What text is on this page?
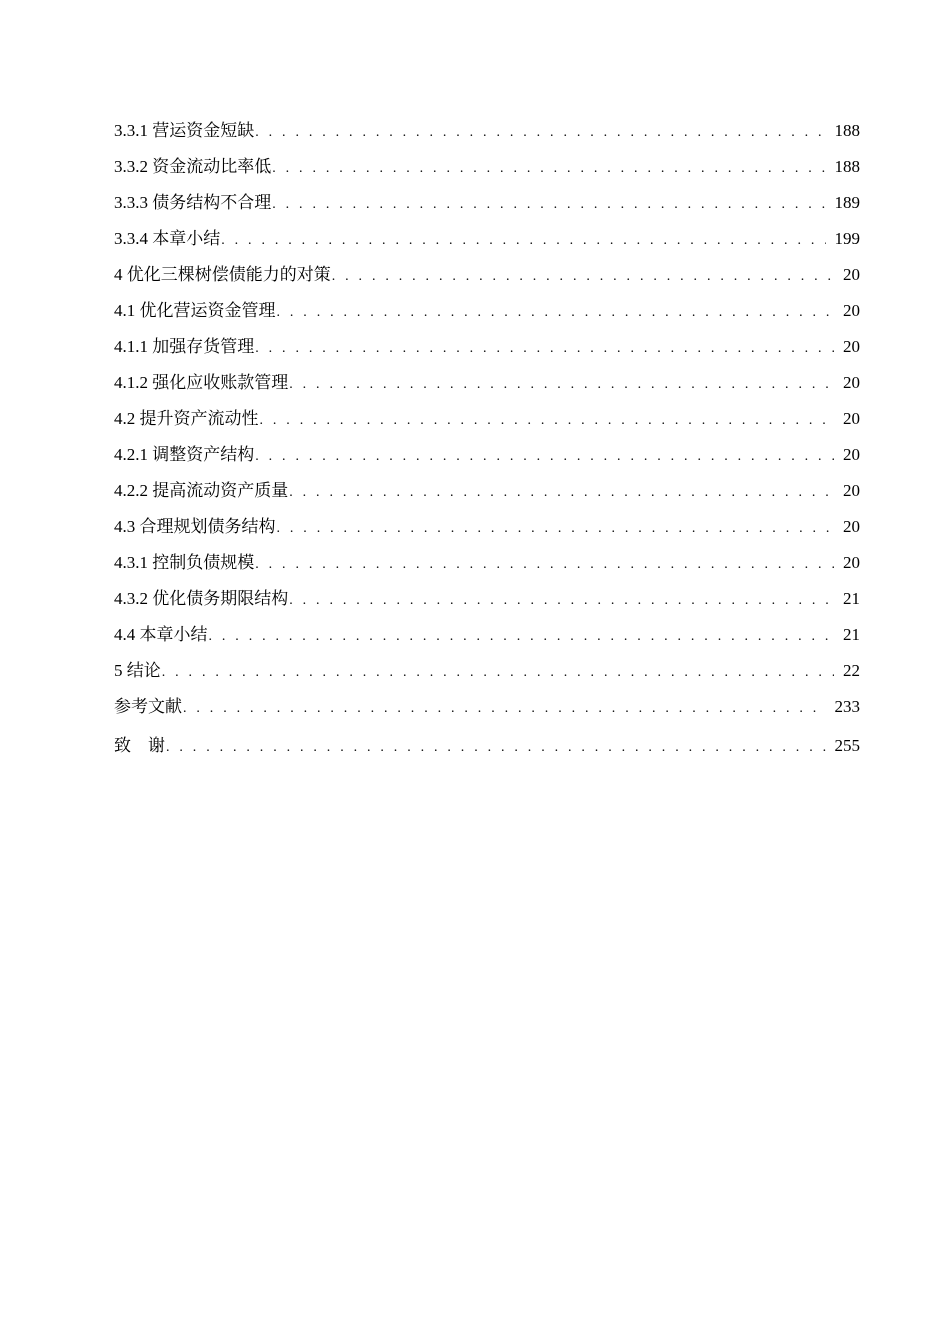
3.3.1 营运资金短缺 . . .	188
3.3.2 资金流动比率低 . . .	188
3.3.3 债务结构不合理 . . .	189
3.3.4 本章小结 . . .	199
4 优化三棵树偿债能力的对策 . . .	20
4.1 优化营运资金管理 . . .	20
4.1.1 加强存货管理 . . .	20
4.1.2 强化应收账款管理 . . .	20
4.2 提升资产流动性 . . .	20
4.2.1 调整资产结构 . . .	20
4.2.2 提高流动资产质量 . . .	20
4.3 合理规划债务结构 . . .	20
4.3.1 控制负债规模 . . .	20
4.3.2 优化债务期限结构 . . .	21
4.4 本章小结 . . .	21
5 结论 . . .	22
参考文献 . . .	233
致　谢 . . .	255
